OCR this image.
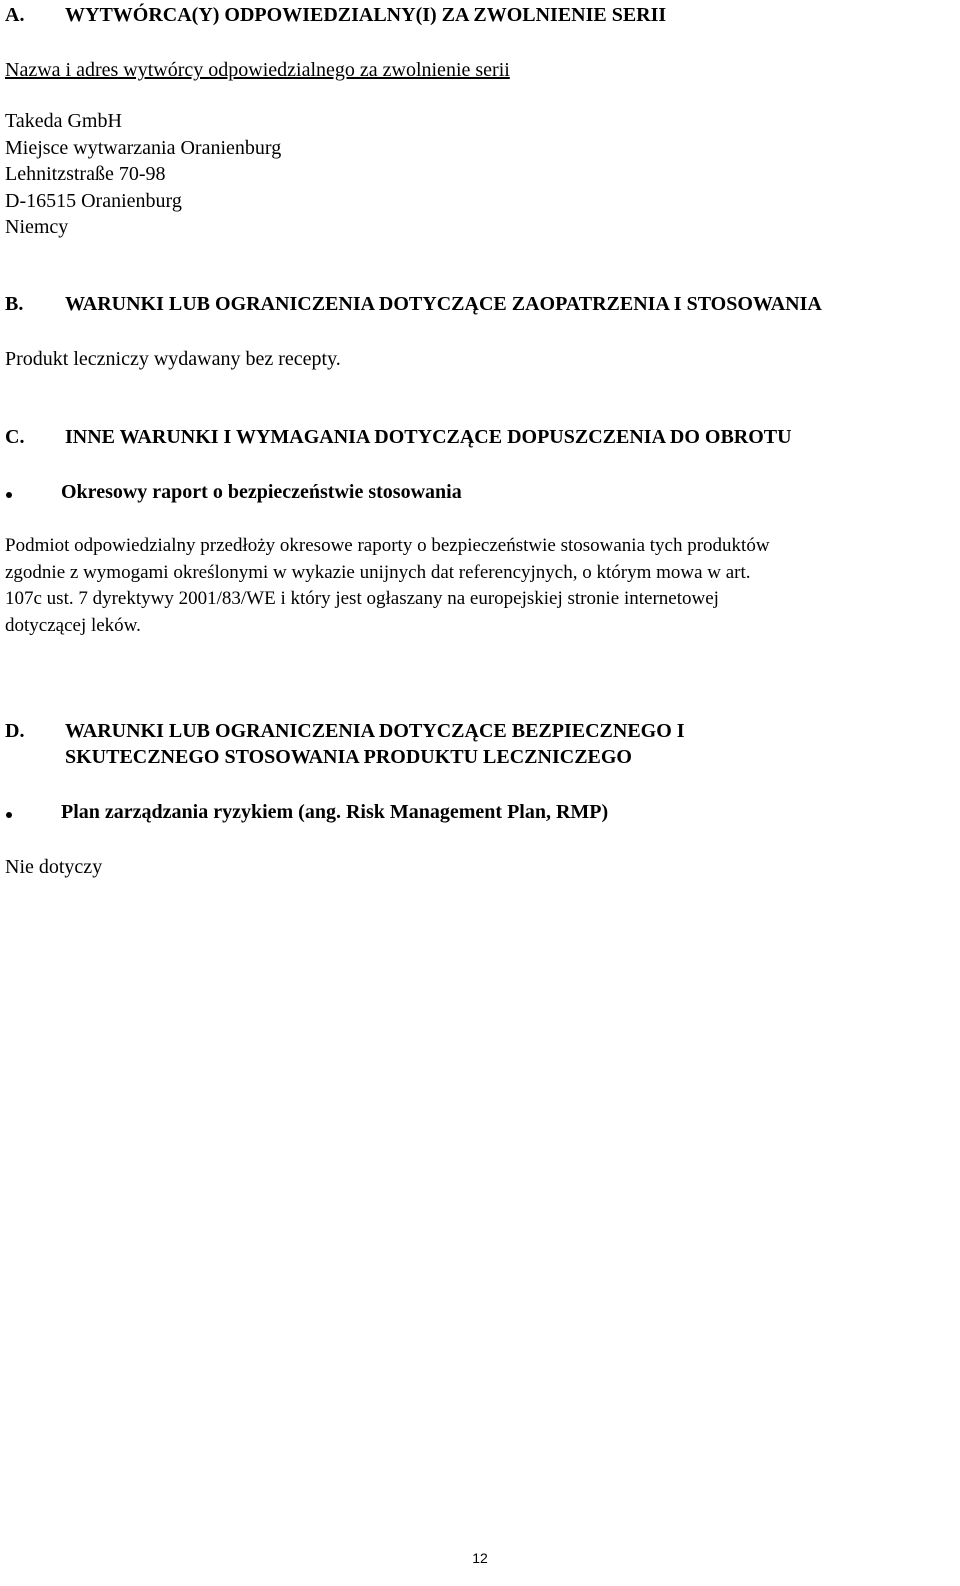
A. WYTWÓRCA(Y) ODPOWIEDZIALNY(I) ZA ZWOLNIENIE SERII
Nazwa i adres wytwórcy odpowiedzialnego za zwolnienie serii
Takeda GmbH
Miejsce wytwarzania Oranienburg
Lehnitzstraße 70-98
D-16515 Oranienburg
Niemcy
B. WARUNKI LUB OGRANICZENIA DOTYCZĄCE ZAOPATRZENIA I STOSOWANIA
Produkt leczniczy wydawany bez recepty.
C. INNE WARUNKI I WYMAGANIA DOTYCZĄCE DOPUSZCZENIA DO OBROTU
Okresowy raport o bezpieczeństwie stosowania
Podmiot odpowiedzialny przedłoży okresowe raporty o bezpieczeństwie stosowania tych produktów
zgodnie z wymogami określonymi w wykazie unijnych dat referencyjnych, o którym mowa w art.
107c ust. 7 dyrektywy 2001/83/WE i który jest ogłaszany na europejskiej stronie internetowej
dotyczącej leków.
D. WARUNKI LUB OGRANICZENIA DOTYCZĄCE BEZPIECZNEGO I
SKUTECZNEGO STOSOWANIA PRODUKTU LECZNICZEGO
Plan zarządzania ryzykiem (ang. Risk Management Plan, RMP)
Nie dotyczy
12
